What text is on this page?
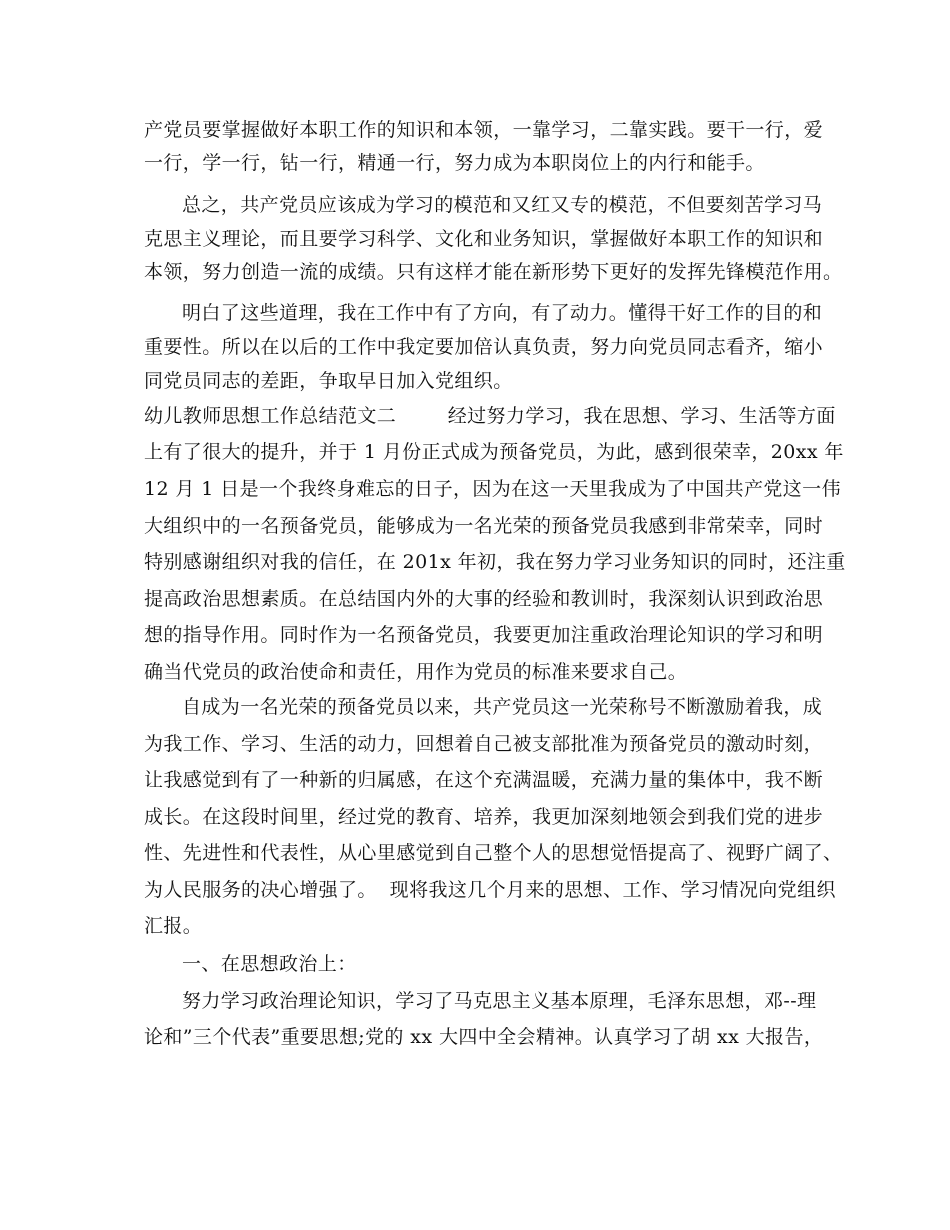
产党员要掌握做好本职工作的知识和本领，一靠学习，二靠实践。要干一行，爱
一行，学一行，钻一行，精通一行，努力成为本职岗位上的内行和能手。
总之，共产党员应该成为学习的模范和又红又专的模范，不但要刻苦学习马
克思主义理论，而且要学习科学、文化和业务知识，掌握做好本职工作的知识和
本领，努力创造一流的成绩。只有这样才能在新形势下更好的发挥先锋模范作用。
明白了这些道理，我在工作中有了方向，有了动力。懂得干好工作的目的和
重要性。所以在以后的工作中我定要加倍认真负责，努力向党员同志看齐，缩小
同党员同志的差距，争取早日加入党组织。
幼儿教师思想工作总结范文二        经过努力学习，我在思想、学习、生活等方面
上有了很大的提升，并于 1 月份正式成为预备党员，为此，感到很荣幸，20xx 年
12 月 1 日是一个我终身难忘的日子，因为在这一天里我成为了中国共产党这一伟
大组织中的一名预备党员，能够成为一名光荣的预备党员我感到非常荣幸，同时
特别感谢组织对我的信任，在 201x 年初，我在努力学习业务知识的同时，还注重
提高政治思想素质。在总结国内外的大事的经验和教训时，我深刻认识到政治思
想的指导作用。同时作为一名预备党员，我要更加注重政治理论知识的学习和明
确当代党员的政治使命和责任，用作为党员的标准来要求自己。
自成为一名光荣的预备党员以来，共产党员这一光荣称号不断激励着我，成
为我工作、学习、生活的动力，回想着自己被支部批准为预备党员的激动时刻，
让我感觉到有了一种新的归属感，在这个充满温暖，充满力量的集体中，我不断
成长。在这段时间里，经过党的教育、培养，我更加深刻地领会到我们党的进步
性、先进性和代表性，从心里感觉到自己整个人的思想觉悟提高了、视野广阔了、
为人民服务的决心增强了。  现将我这几个月来的思想、工作、学习情况向党组织
汇报。
一、在思想政治上：
努力学习政治理论知识，学习了马克思主义基本原理，毛泽东思想，邓--理
论和”三个代表”重要思想;党的 xx 大四中全会精神。认真学习了胡 xx 大报告，
